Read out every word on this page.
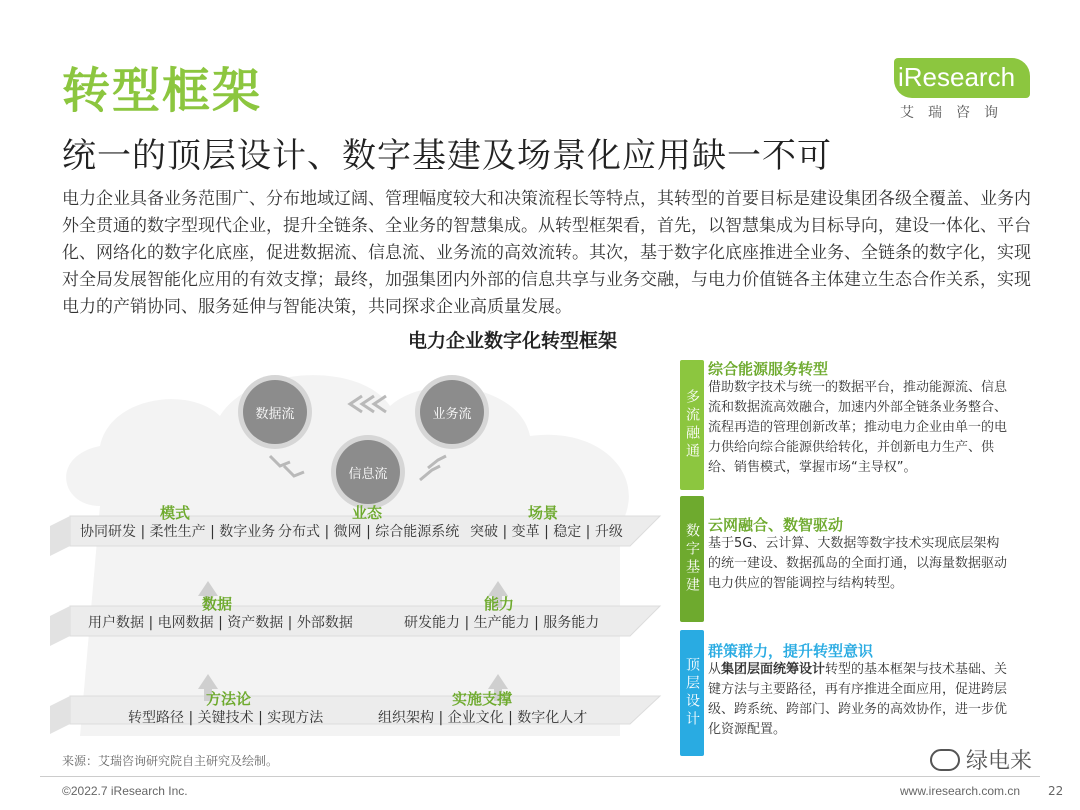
转型框架
统一的顶层设计、数字基建及场景化应用缺一不可
iResearch
艾瑞咨询
电力企业具备业务范围广、分布地域辽阔、管理幅度较大和决策流程长等特点，其转型的首要目标是建设集团各级全覆盖、业务内外全贯通的数字型现代企业，提升全链条、全业务的智慧集成。从转型框架看，首先，以智慧集成为目标导向，建设一体化、平台化、网络化的数字化底座，促进数据流、信息流、业务流的高效流转。其次，基于数字化底座推进全业务、全链条的数字化，实现对全局发展智能化应用的有效支撑；最终，加强集团内外部的信息共享与业务交融，与电力价值链各主体建立生态合作关系，实现电力的产销协同、服务延伸与智能决策，共同探求企业高质量发展。
电力企业数字化转型框架
数据流	业务流
信息流
模式
协同研发 | 柔性生产 | 数字业务
业态
分布式 | 微网 | 综合能源系统
场景
突破 | 变革 | 稳定 | 升级
数据
用户数据 | 电网数据 | 资产数据 | 外部数据
能力
研发能力 | 生产能力 | 服务能力
方法论
转型路径 | 关键技术 | 实现方法
实施支撑
组织架构 | 企业文化 | 数字化人才
多流融通
综合能源服务转型
借助数字技术与统一的数据平台，推动能源流、信息流和数据流高效融合，加速内外部全链条业务整合、流程再造的管理创新改革；推动电力企业由单一的电力供给向综合能源供给转化，并创新电力生产、供给、销售模式，掌握市场“主导权”。
数字基建 云网融合、数智驱动
基于5G、云计算、大数据等数字技术实现底层架构的统一建设、数据孤岛的全面打通，以海量数据驱动电力供应的智能调控与结构转型。
顶层设计
群策群力，提升转型意识
从集团层面统筹设计转型的基本框架与技术基础、关键方法与主要路径，再有序推进全面应用，促进跨层级、跨系统、跨部门、跨业务的高效协作，进一步优化资源配置。
来源：艾瑞咨询研究院自主研究及绘制。	绿电来
©2022.7 iResearch Inc.	www.iresearch.com.cn 22
